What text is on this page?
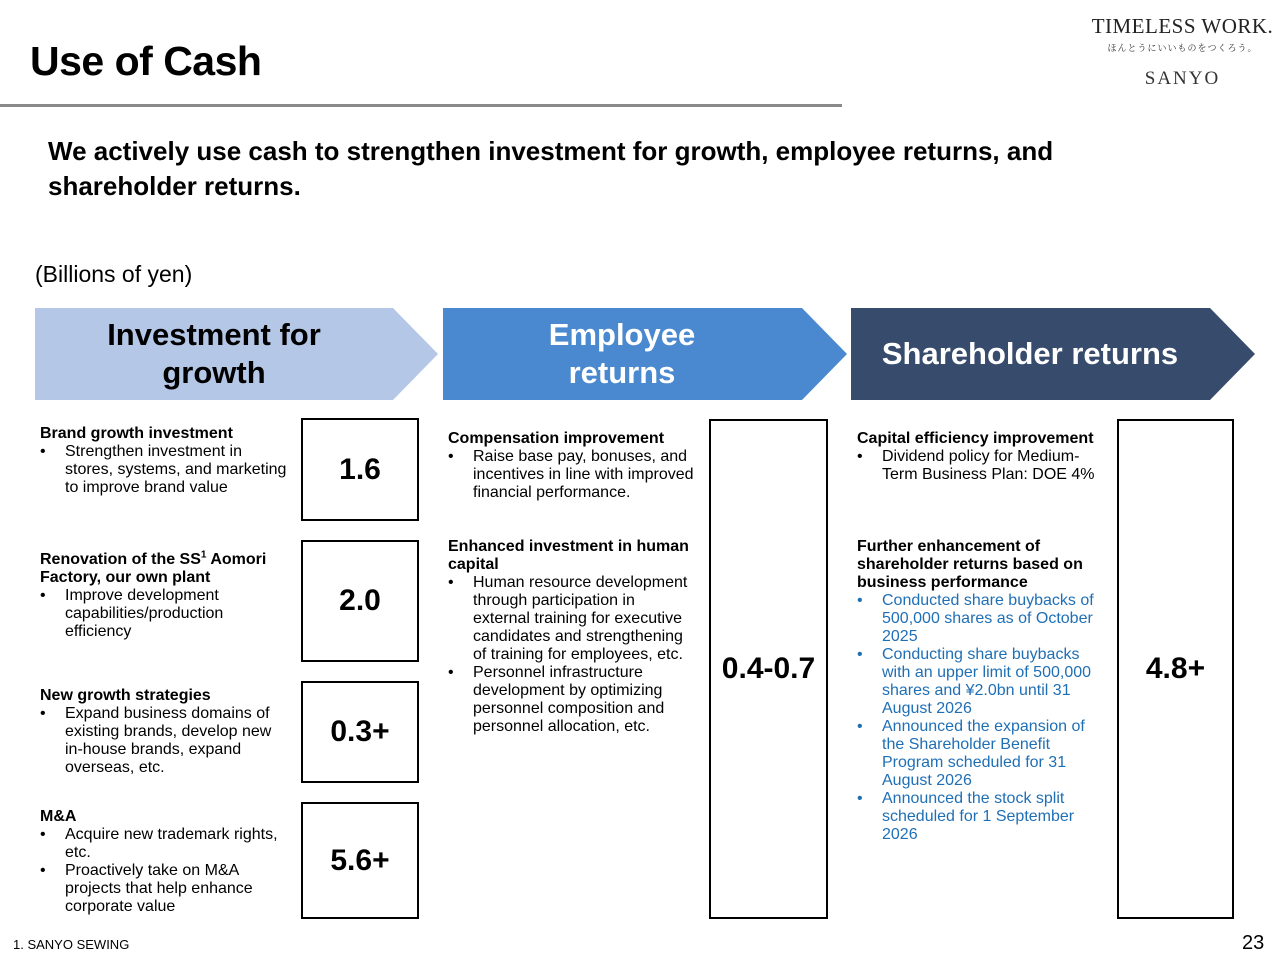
Use of Cash
TIMELESS WORK.
ほんとうにいいものをつくろう。
SANYO
We actively use cash to strengthen investment for growth, employee returns, and shareholder returns.
(Billions of yen)
Investment for
growth
Employee
returns
Shareholder returns
Brand growth investment
• Strengthen investment in stores, systems, and marketing to improve brand value
1.6
Renovation of the $SS^1$ Aomori Factory, our own plant
• Improve development capabilities/production efficiency
2.0
New growth strategies
• Expand business domains of existing brands, develop new in-house brands, expand overseas, etc.
0.3+
M&A
• Acquire new trademark rights, etc.
• Proactively take on M&A projects that help enhance corporate value
5.6+
Compensation improvement
• Raise base pay, bonuses, and incentives in line with improved financial performance.
Enhanced investment in human capital
• Human resource development through participation in external training for executive candidates and strengthening of training for employees, etc.
• Personnel infrastructure development by optimizing personnel composition and personnel allocation, etc.
0.4-0.7
Capital efficiency improvement
• Dividend policy for Medium-Term Business Plan: DOE 4%
Further enhancement of shareholder returns based on business performance
• Conducted share buybacks of 500,000 shares as of October 2025
• Conducting share buybacks with an upper limit of 500,000 shares and ¥2.0bn until 31 August 2026
• Announced the expansion of the Shareholder Benefit Program scheduled for 31 August 2026
• Announced the stock split scheduled for 1 September 2026
4.8+
1. SANYO SEWING	23
